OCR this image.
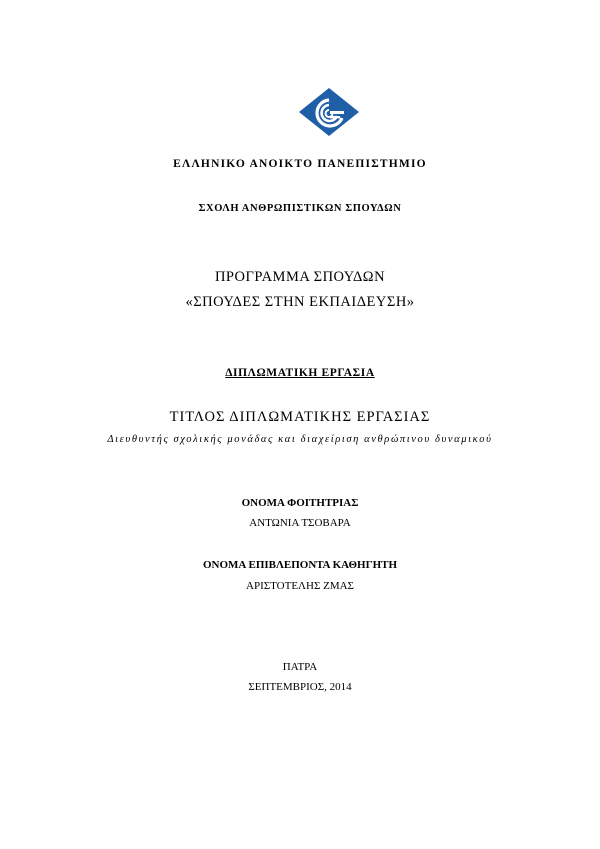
ΕΛΛΗΝΙΚΟ ΑΝΟΙΚΤΟ ΠΑΝΕΠΙΣΤΗΜΙΟ
ΣΧΟΛΗ ΑΝΘΡΩΠΙΣΤΙΚΩΝ ΣΠΟΥΔΩΝ
ΠΡΟΓΡΑΜΜΑ ΣΠΟΥΔΩΝ
«ΣΠΟΥΔΕΣ ΣΤΗΝ ΕΚΠΑΙΔΕΥΣΗ»
ΔΙΠΛΩΜΑΤΙΚΗ ΕΡΓΑΣΙΑ
ΤΙΤΛΟΣ ΔΙΠΛΩΜΑΤΙΚΗΣ ΕΡΓΑΣΙΑΣ
Διευθυντής σχολικής μονάδας και διαχείριση ανθρώπινου δυναμικού
ΟΝΟΜΑ ΦΟΙΤΗΤΡΙΑΣ
ΑΝΤΩΝΙΑ ΤΣΟΒΑΡΑ
ΟΝΟΜΑ ΕΠΙΒΛΕΠΟΝΤΑ ΚΑΘΗΓΗΤΗ
ΑΡΙΣΤΟΤΕΛΗΣ ΖΜΑΣ
ΠΑΤΡΑ
ΣΕΠΤΕΜΒΡΙΟΣ, 2014
